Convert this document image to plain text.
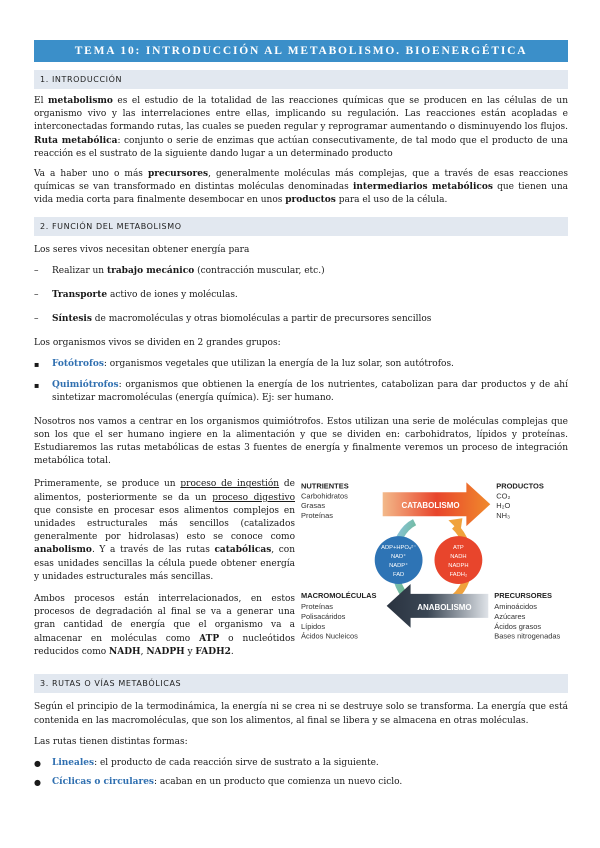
TEMA 10: INTRODUCCIÓN AL METABOLISMO. BIOENERGÉTICA
1. INTRODUCCIÓN

El metabolismo es el estudio de la totalidad de las reacciones químicas que se producen en las células de un organismo vivo y las interrelaciones entre ellas, implicando su regulación. Las reacciones están acopladas e interconectadas formando rutas, las cuales se pueden regular y reprogramar aumentando o disminuyendo los flujos. Ruta metabólica: conjunto o serie de enzimas que actúan consecutivamente, de tal modo que el producto de una reacción es el sustrato de la siguiente dando lugar a un determinado producto

Va a haber uno o más precursores, generalmente moléculas más complejas, que a través de esas reacciones químicas se van transformado en distintas moléculas denominadas intermediarios metabólicos que tienen una vida media corta para finalmente desembocar en unos productos para el uso de la célula.

2. FUNCIÓN DEL METABOLISMO

Los seres vivos necesitan obtener energía para

–	Realizar un trabajo mecánico (contracción muscular, etc.)
–	Transporte activo de iones y moléculas.
–	Síntesis de macromoléculas y otras biomoléculas a partir de precursores sencillos

Los organismos vivos se dividen en 2 grandes grupos:

▪	Fotótrofos: organismos vegetales que utilizan la energía de la luz solar, son autótrofos.
▪	Quimiótrofos: organismos que obtienen la energía de los nutrientes, catabolizan para dar productos y de ahí sintetizar macromoléculas (energía química). Ej: ser humano.

Nosotros nos vamos a centrar en los organismos quimiótrofos. Estos utilizan una serie de moléculas complejas que son los que el ser humano ingiere en la alimentación y que se dividen en: carbohidratos, lípidos y proteínas. Estudiaremos las rutas metabólicas de estas 3 fuentes de energía y finalmente veremos un proceso de integración metabólica total.

Primeramente, se produce un proceso de ingestión de alimentos, posteriormente se da un proceso digestivo que consiste en procesar esos alimentos complejos en unidades estructurales más sencillos (catalizados generalmente por hidrolasas) esto se conoce como anabolismo. Y a través de las rutas catabólicas, con esas unidades sencillas la célula puede obtener energía y unidades estructurales más sencillas.

Ambos procesos están interrelacionados, en estos procesos de degradación al final se va a generar una gran cantidad de energía que el organismo va a almacenar en moléculas como ATP o nucleótidos reducidos como NADH, NADPH y FADH2.

NUTRIENTES
Carbohidratos
Grasas
Proteínas
PRODUCTOS
CO₂
H₂O
NH₃
CATABOLISMO
ADP+HPO₄²⁻
NAD⁺
NADP⁺
FAD
ATP
NADH
NADPH
FADH₂
ANABOLISMO
MACROMOLÉCULAS
Proteínas
Polisacáridos
Lípidos
Ácidos Nucleicos
PRECURSORES
Aminoácidos
Azúcares
Ácidos grasos
Bases nitrogenadas
3. RUTAS O VÍAS METABÓLICAS

Según el principio de la termodinámica, la energía ni se crea ni se destruye solo se transforma. La energía que está contenida en las macromoléculas, que son los alimentos, al final se libera y se almacena en otras moléculas.

Las rutas tienen distintas formas:

●	Lineales: el producto de cada reacción sirve de sustrato a la siguiente.
●	Cíclicas o circulares: acaban en un producto que comienza un nuevo ciclo.
